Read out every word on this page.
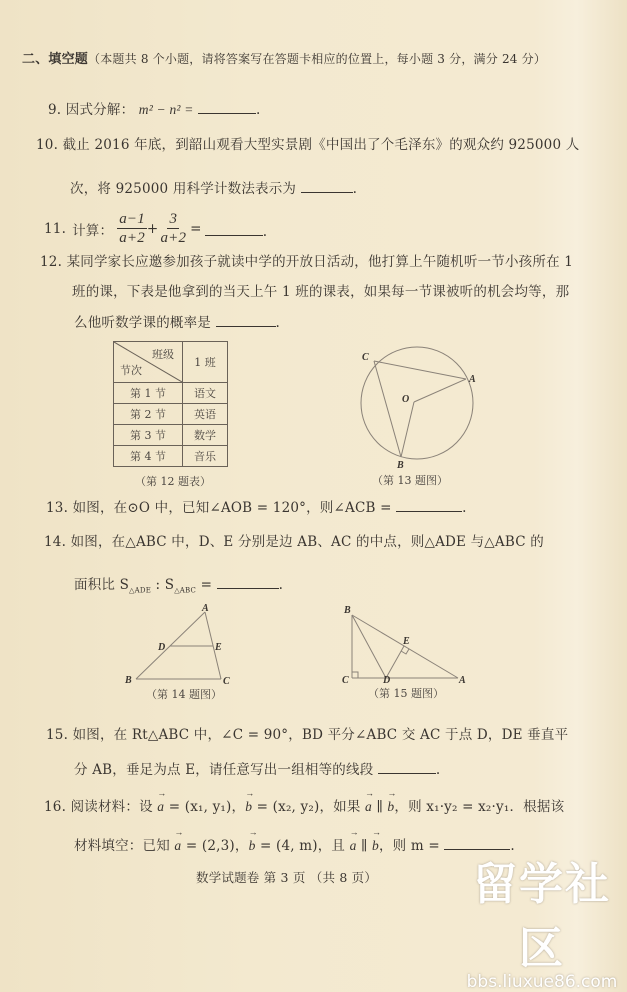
二、填空题（本题共 8 个小题，请将答案写在答题卡相应的位置上，每小题 3 分，满分 24 分）
9. 因式分解： m² − n² =	.
10. 截止 2016 年底，到韶山观看大型实景剧《中国出了个毛泽东》的观众约 925000 人
次，将 925000 用科学计数法表示为	.
11. 计算： $\frac{a-1}{a+2} + \frac{3}{a+2}$ =	.
12. 某同学家长应邀参加孩子就读中学的开放日活动，他打算上午随机听一节小孩所在 1
班的课，下表是他拿到的当天上午 1 班的课表，如果每一节课被听的机会均等，那
么他听数学课的概率是	.
班级
节次	1 班
第 1 节	语文
第 2 节	英语
第 3 节	数学
第 4 节	音乐
（第 12 题表）
C
A
O
B
（第 13 题图）
13. 如图，在⊙O 中，已知∠AOB = 120°，则∠ACB =	.
14. 如图，在△ABC 中，D、E 分别是边 AB、AC 的中点，则△ADE 与△ABC 的
面积比 $S_{\triangle ADE}$ : $S_{\triangle ABC}$ =	.
A
D	E
B	C
（第 14 题图）
B
E
C	D	A
（第 15 题图）
15. 如图，在 Rt△ABC 中，∠C = 90°，BD 平分∠ABC 交 AC 于点 D，DE 垂直平
分 AB，垂足为点 E，请任意写出一组相等的线段	.
16. 阅读材料：设 → a = (x₁, y₁)，→ b = (x₂, y₂)，如果 → a ∥ → b，则 x₁·y₂ = x₂·y₁．根据该
材料填空：已知 → a = (2,3)，→ b = (4, m)，且 → a ∥ → b，则 m =	.
数学试题卷 第 3 页 （共 8 页）	留学社区
bbs.liuxue86.com
